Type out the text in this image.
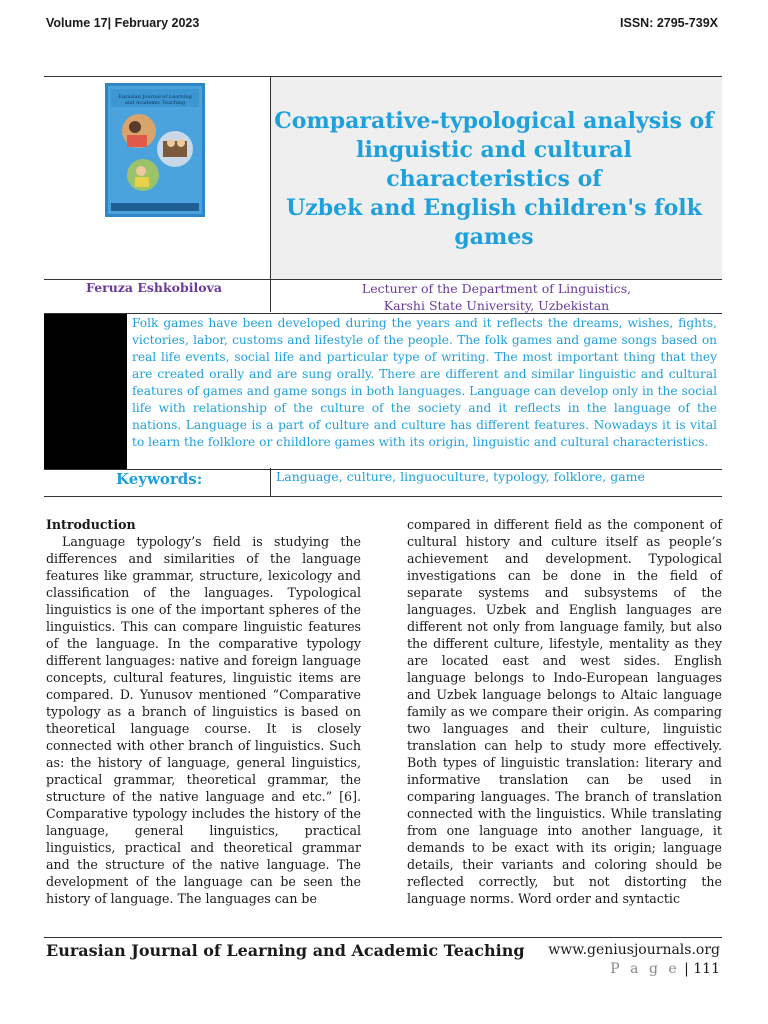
Volume 17| February 2023	ISSN: 2795-739X
Eurasian Journal of Learning
and Academic Teaching
Comparative-typological analysis of
linguistic and cultural
characteristics of
Uzbek and English children's folk
games
Feruza Eshkobilova	Lecturer of the Department of Linguistics,
Karshi State University, Uzbekistan
Folk games have been developed during the years and it reflects the dreams, wishes, fights, victories, labor, customs and lifestyle of the people. The folk games and game songs based on real life events, social life and particular type of writing. The most important thing that they are created orally and are sung orally. There are different and similar linguistic and cultural features of games and game songs in both languages. Language can develop only in the social life with relationship of the culture of the society and it reflects in the language of the nations. Language is a part of culture and culture has different features. Nowadays it is vital to learn the folklore or childlore games with its origin, linguistic and cultural characteristics.
Keywords:	Language, culture, linguoculture, typology, folklore, game

Introduction

Language typology’s field is studying the differences and similarities of the language features like grammar, structure, lexicology and classification of the languages. Typological linguistics is one of the important spheres of the linguistics. This can compare linguistic features of the language. In the comparative typology different languages: native and foreign language concepts, cultural features, linguistic items are compared. D. Yunusov mentioned “Comparative typology as a branch of linguistics is based on theoretical language course. It is closely connected with other branch of linguistics. Such as: the history of language, general linguistics, practical grammar, theoretical grammar, the structure of the native language and etc.” [6]. Comparative typology includes the history of the language, general linguistics, practical linguistics, practical and theoretical grammar and the structure of the native language. The development of the language can be seen the history of language. The languages can be

compared in different field as the component of cultural history and culture itself as people’s achievement and development. Typological investigations can be done in the field of separate systems and subsystems of the languages. Uzbek and English languages are different not only from language family, but also the different culture, lifestyle, mentality as they are located east and west sides. English language belongs to Indo-European languages and Uzbek language belongs to Altaic language family as we compare their origin. As comparing two languages and their culture, linguistic translation can help to study more effectively. Both types of linguistic translation: literary and informative translation can be used in comparing languages. The branch of translation connected with the linguistics. While translating from one language into another language, it demands to be exact with its origin; language details, their variants and coloring should be reflected correctly, but not distorting the language norms. Word order and syntactic

Eurasian Journal of Learning and Academic Teaching www.geniusjournals.org
P a g e | 111
